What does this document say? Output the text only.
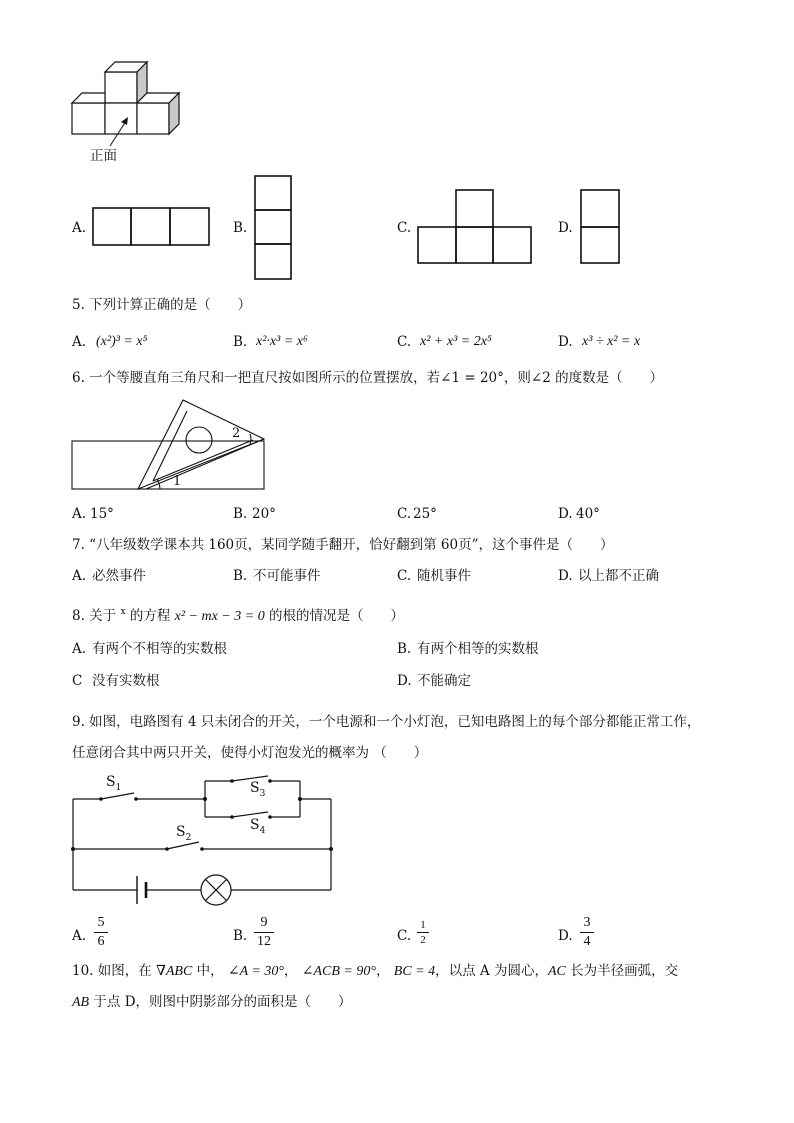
正面
A.	B.	C.	D.
5. 下列计算正确的是（　　）
A. (x²)³ = x⁵	B. x²·x³ = x⁶	C. x² + x³ = 2x⁵	D. x³ ÷ x² = x
6. 一个等腰直角三角尺和一把直尺按如图所示的位置摆放，若∠1 = 20°，则∠2 的度数是（　　）
1
2
A. 15°	B. 20°	C. 25°	D. 40°
7. “八年级数学课本共 160页，某同学随手翻开，恰好翻到第 60页”，这个事件是（　　）
A. 必然事件	B. 不可能事件	C. 随机事件	D. 以上都不正确
8. 关于 $^x$ 的方程 x² − mx − 3 = 0 的根的情况是（　　）
A. 有两个不相等的实数根	B. 有两个相等的实数根
C 没有实数根	D. 不能确定
9. 如图，电路图有 4 只未闭合的开关，一个电源和一个小灯泡，已知电路图上的每个部分都能正常工作，
任意闭合其中两只开关，使得小灯泡发光的概率为 （　　）
$S_1$	$S_3$
$S_4$
$S_2$
A.
5
6	B.
9
12	C.
1
2	D.
3
4
10. 如图，在 ∇ABC 中， ∠A = 30°， ∠ACB = 90°， BC = 4，以点 A 为圆心，AC 长为半径画弧，交
AB 于点 D，则图中阴影部分的面积是（　　）
